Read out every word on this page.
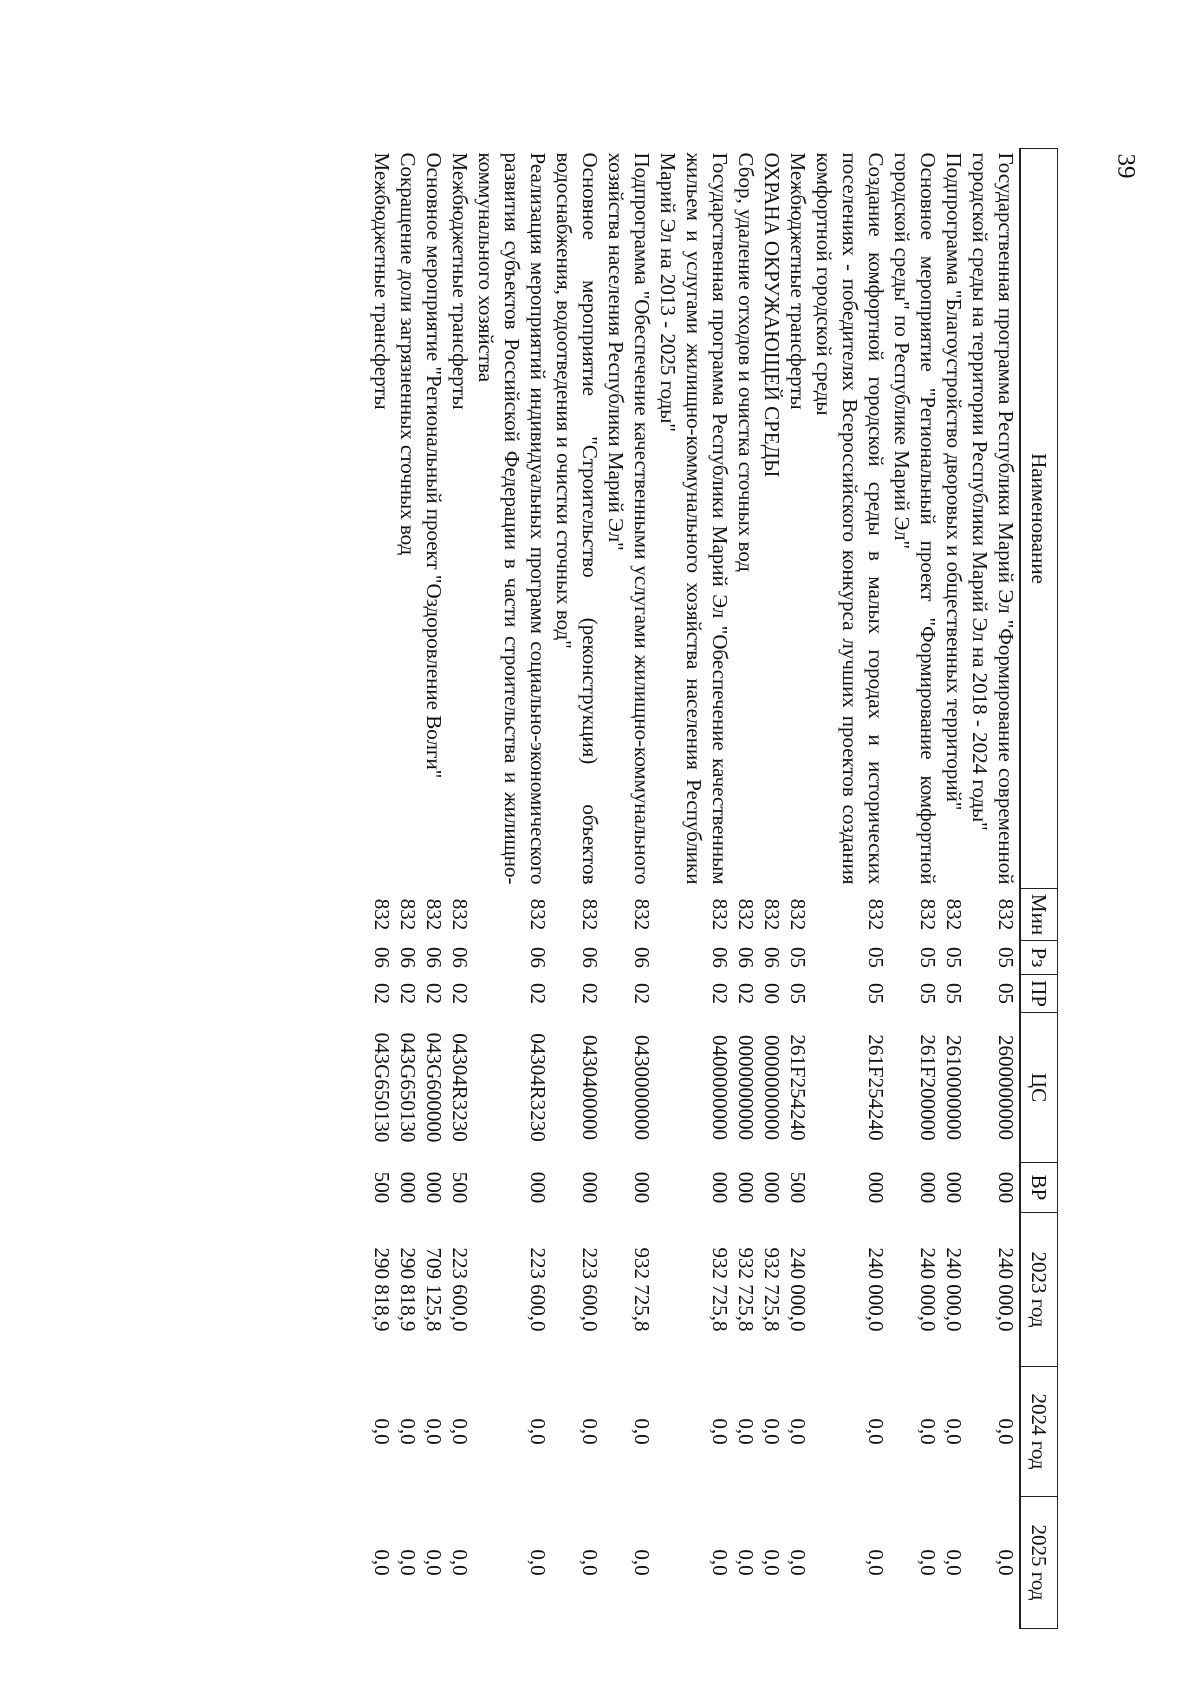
39
Наименование	Мин	Рз	ПР	ЦС	ВР	2023 год	2024 год	2025 год
Государственная программа Республики Марий Эл "Формирование современной городской среды на территории Республики Марий Эл на 2018 - 2024 годы"	832	05	05	2600000000	000	240 000,0	0,0	0,0
Подпрограмма "Благоустройство дворовых и общественных территорий"	832	05	05	2610000000	000	240 000,0	0,0	0,0
Основное мероприятие "Региональный проект "Формирование комфортной городской среды" по Республике Марий Эл"	832	05	05	261F200000	000	240 000,0	0,0	0,0
Создание комфортной городской среды в малых городах и исторических поселениях - победителях Всероссийского конкурса лучших проектов создания комфортной городской среды	832	05	05	261F254240	000	240 000,0	0,0	0,0
Межбюджетные трансферты	832	05	05	261F254240	500	240 000,0	0,0	0,0
ОХРАНА ОКРУЖАЮЩЕЙ СРЕДЫ	832	06	00	0000000000	000	932 725,8	0,0	0,0
Сбор, удаление отходов и очистка сточных вод	832	06	02	0000000000	000	932 725,8	0,0	0,0
Государственная программа Республики Марий Эл "Обеспечение качественным жильем и услугами жилищно-коммунального хозяйства населения Республики Марий Эл на 2013 - 2025 годы"	832	06	02	0400000000	000	932 725,8	0,0	0,0
Подпрограмма "Обеспечение качественными услугами жилищно-коммунального хозяйства населения Республики Марий Эл"	832	06	02	0430000000	000	932 725,8	0,0	0,0
Основное мероприятие "Строительство (реконструкция) объектов водоснабжения, водоотведения и очистки сточных вод"	832	06	02	0430400000	000	223 600,0	0,0	0,0
Реализация мероприятий индивидуальных программ социально-экономического развития субъектов Российской Федерации в части строительства и жилищно-коммунального хозяйства	832	06	02	04304R3230	000	223 600,0	0,0	0,0
Межбюджетные трансферты	832	06	02	04304R3230	500	223 600,0	0,0	0,0
Основное мероприятие "Региональный проект "Оздоровление Волги"	832	06	02	043G600000	000	709 125,8	0,0	0,0
Сокращение доли загрязненных сточных вод	832	06	02	043G650130	000	290 818,9	0,0	0,0
Межбюджетные трансферты	832	06	02	043G650130	500	290 818,9	0,0	0,0
